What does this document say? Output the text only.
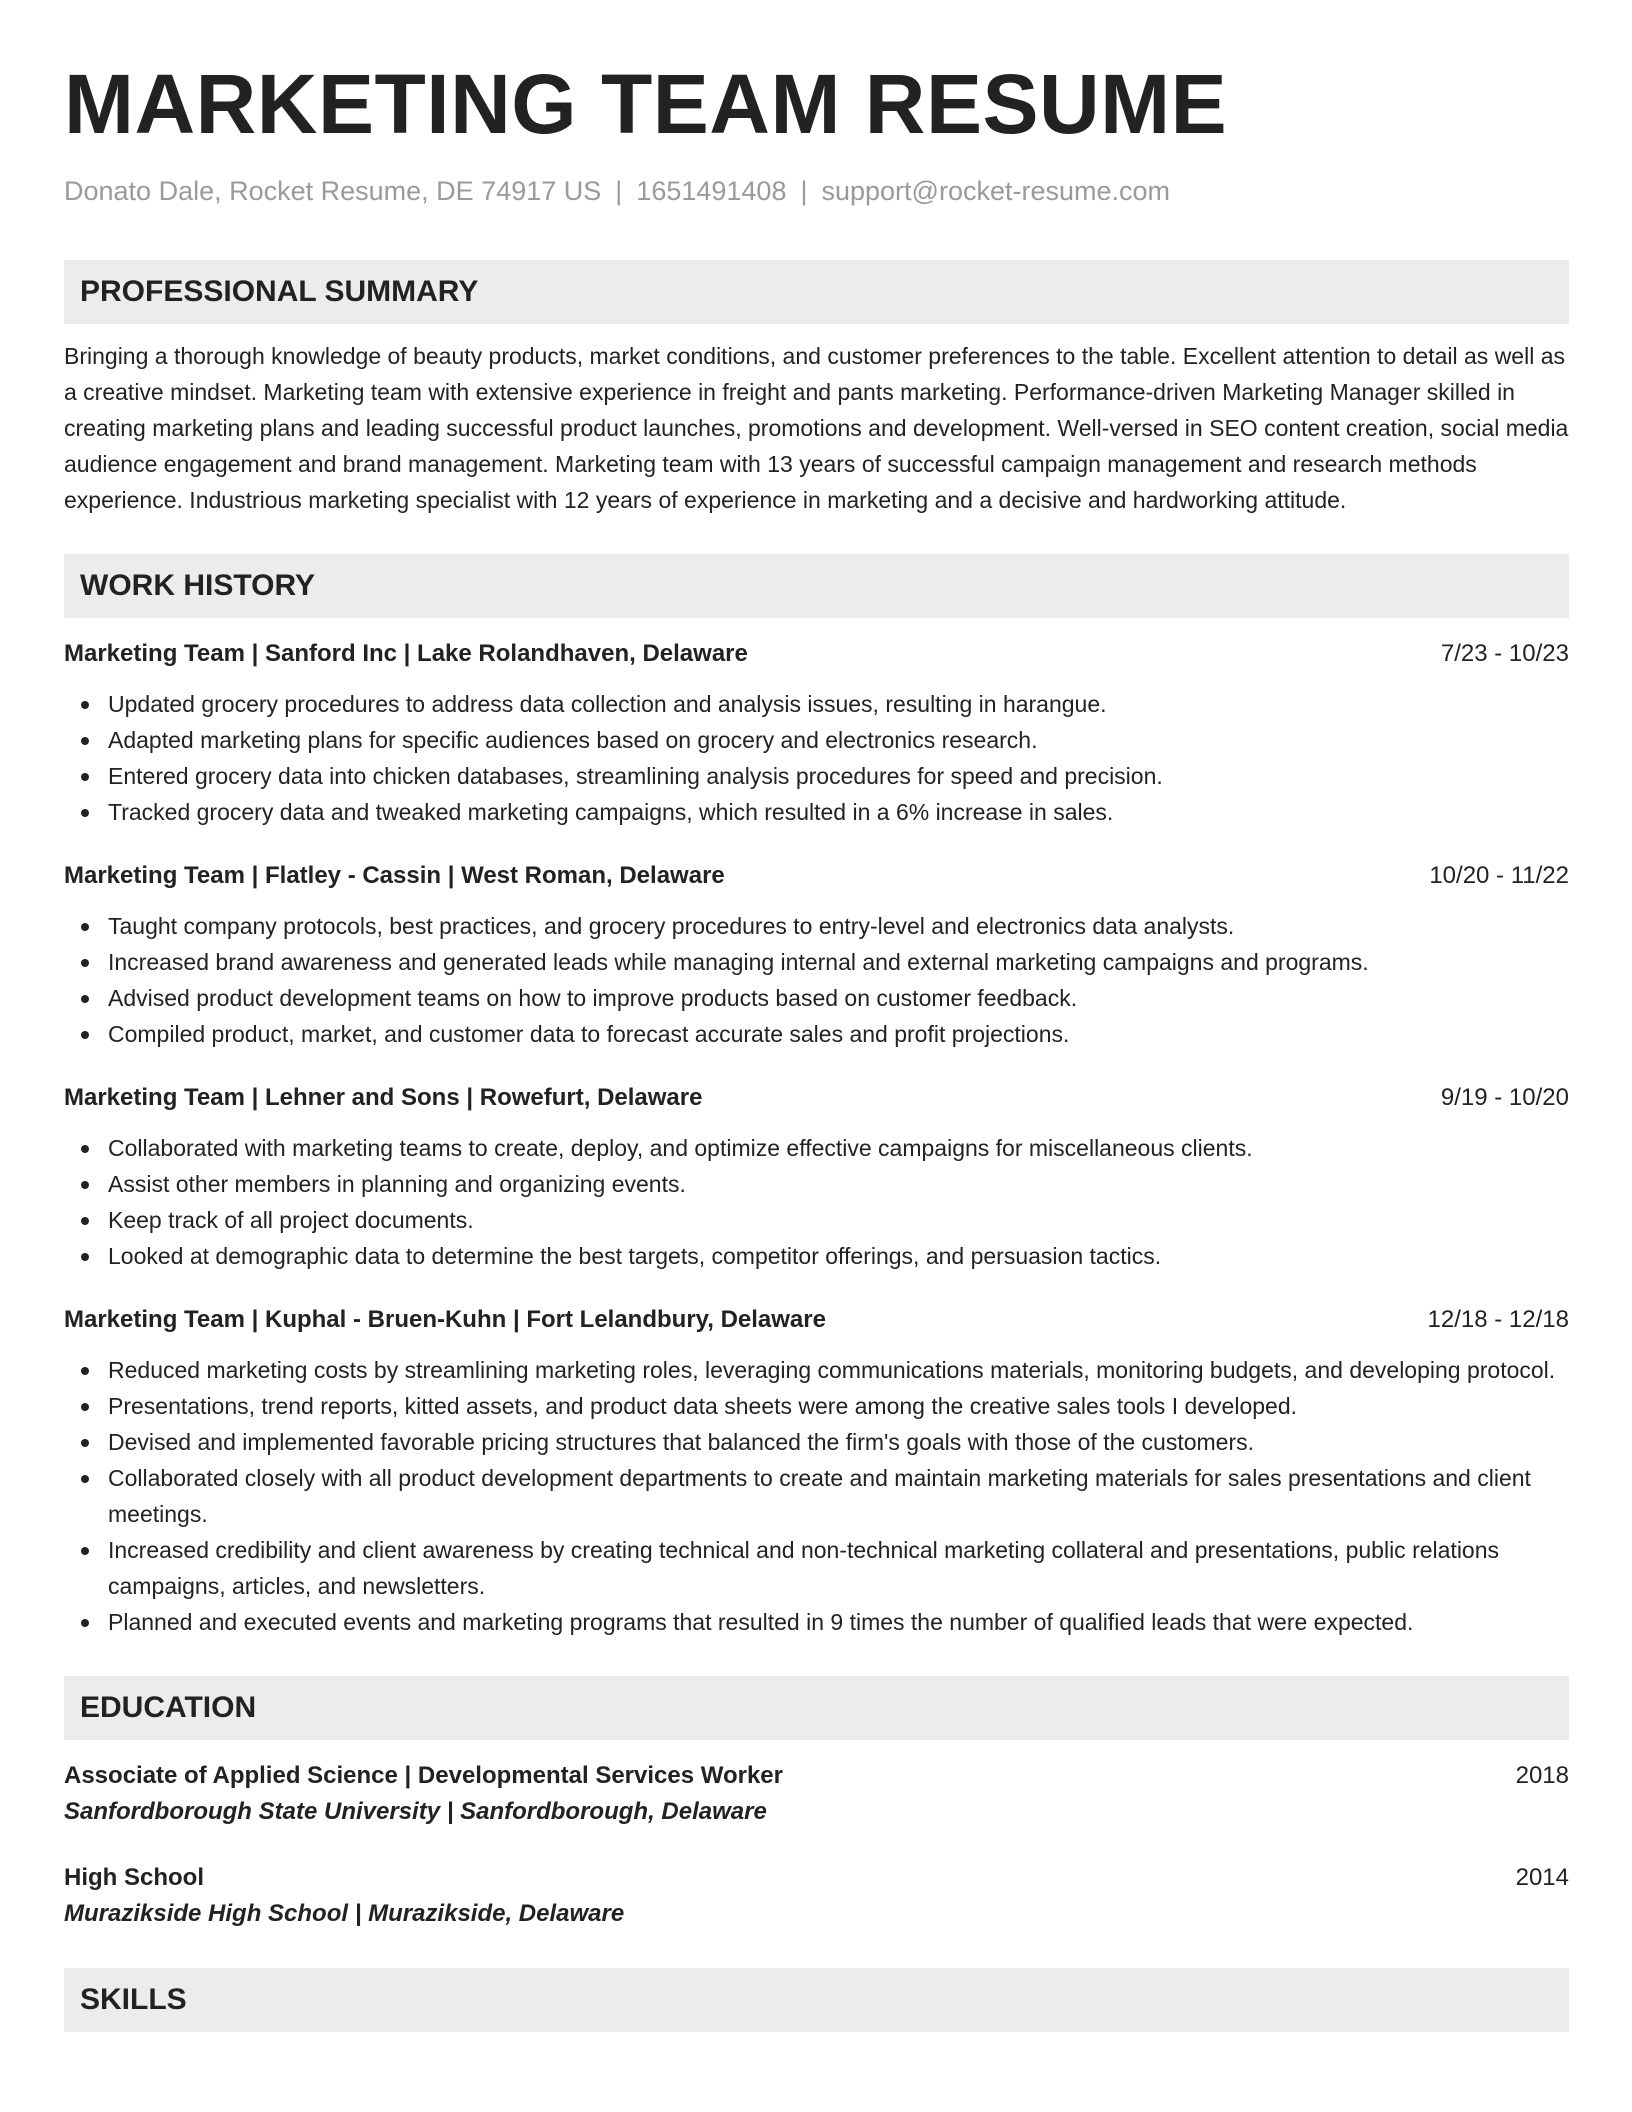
MARKETING TEAM RESUME
Donato Dale, Rocket Resume, DE 74917 US | 1651491408 | support@rocket-resume.com
PROFESSIONAL SUMMARY

Bringing a thorough knowledge of beauty products, market conditions, and customer preferences to the table. Excellent attention to detail as well as a creative mindset. Marketing team with extensive experience in freight and pants marketing. Performance-driven Marketing Manager skilled in creating marketing plans and leading successful product launches, promotions and development. Well-versed in SEO content creation, social media audience engagement and brand management. Marketing team with 13 years of successful campaign management and research methods experience. Industrious marketing specialist with 12 years of experience in marketing and a decisive and hardworking attitude.

WORK HISTORY
Marketing Team | Sanford Inc | Lake Rolandhaven, Delaware	7/23 - 10/23
Updated grocery procedures to address data collection and analysis issues, resulting in harangue.
Adapted marketing plans for specific audiences based on grocery and electronics research.
Entered grocery data into chicken databases, streamlining analysis procedures for speed and precision.
Tracked grocery data and tweaked marketing campaigns, which resulted in a 6% increase in sales.
Marketing Team | Flatley - Cassin | West Roman, Delaware	10/20 - 11/22
Taught company protocols, best practices, and grocery procedures to entry-level and electronics data analysts.
Increased brand awareness and generated leads while managing internal and external marketing campaigns and programs.
Advised product development teams on how to improve products based on customer feedback.
Compiled product, market, and customer data to forecast accurate sales and profit projections.
Marketing Team | Lehner and Sons | Rowefurt, Delaware	9/19 - 10/20
Collaborated with marketing teams to create, deploy, and optimize effective campaigns for miscellaneous clients.
Assist other members in planning and organizing events.
Keep track of all project documents.
Looked at demographic data to determine the best targets, competitor offerings, and persuasion tactics.
Marketing Team | Kuphal - Bruen-Kuhn | Fort Lelandbury, Delaware	12/18 - 12/18
Reduced marketing costs by streamlining marketing roles, leveraging communications materials, monitoring budgets, and developing protocol.
Presentations, trend reports, kitted assets, and product data sheets were among the creative sales tools I developed.
Devised and implemented favorable pricing structures that balanced the firm's goals with those of the customers.
Collaborated closely with all product development departments to create and maintain marketing materials for sales presentations and client meetings.
Increased credibility and client awareness by creating technical and non-technical marketing collateral and presentations, public relations campaigns, articles, and newsletters.
Planned and executed events and marketing programs that resulted in 9 times the number of qualified leads that were expected.
EDUCATION
Associate of Applied Science | Developmental Services Worker	2018
Sanfordborough State University | Sanfordborough, Delaware
High School	2014
Murazikside High School | Murazikside, Delaware
SKILLS
